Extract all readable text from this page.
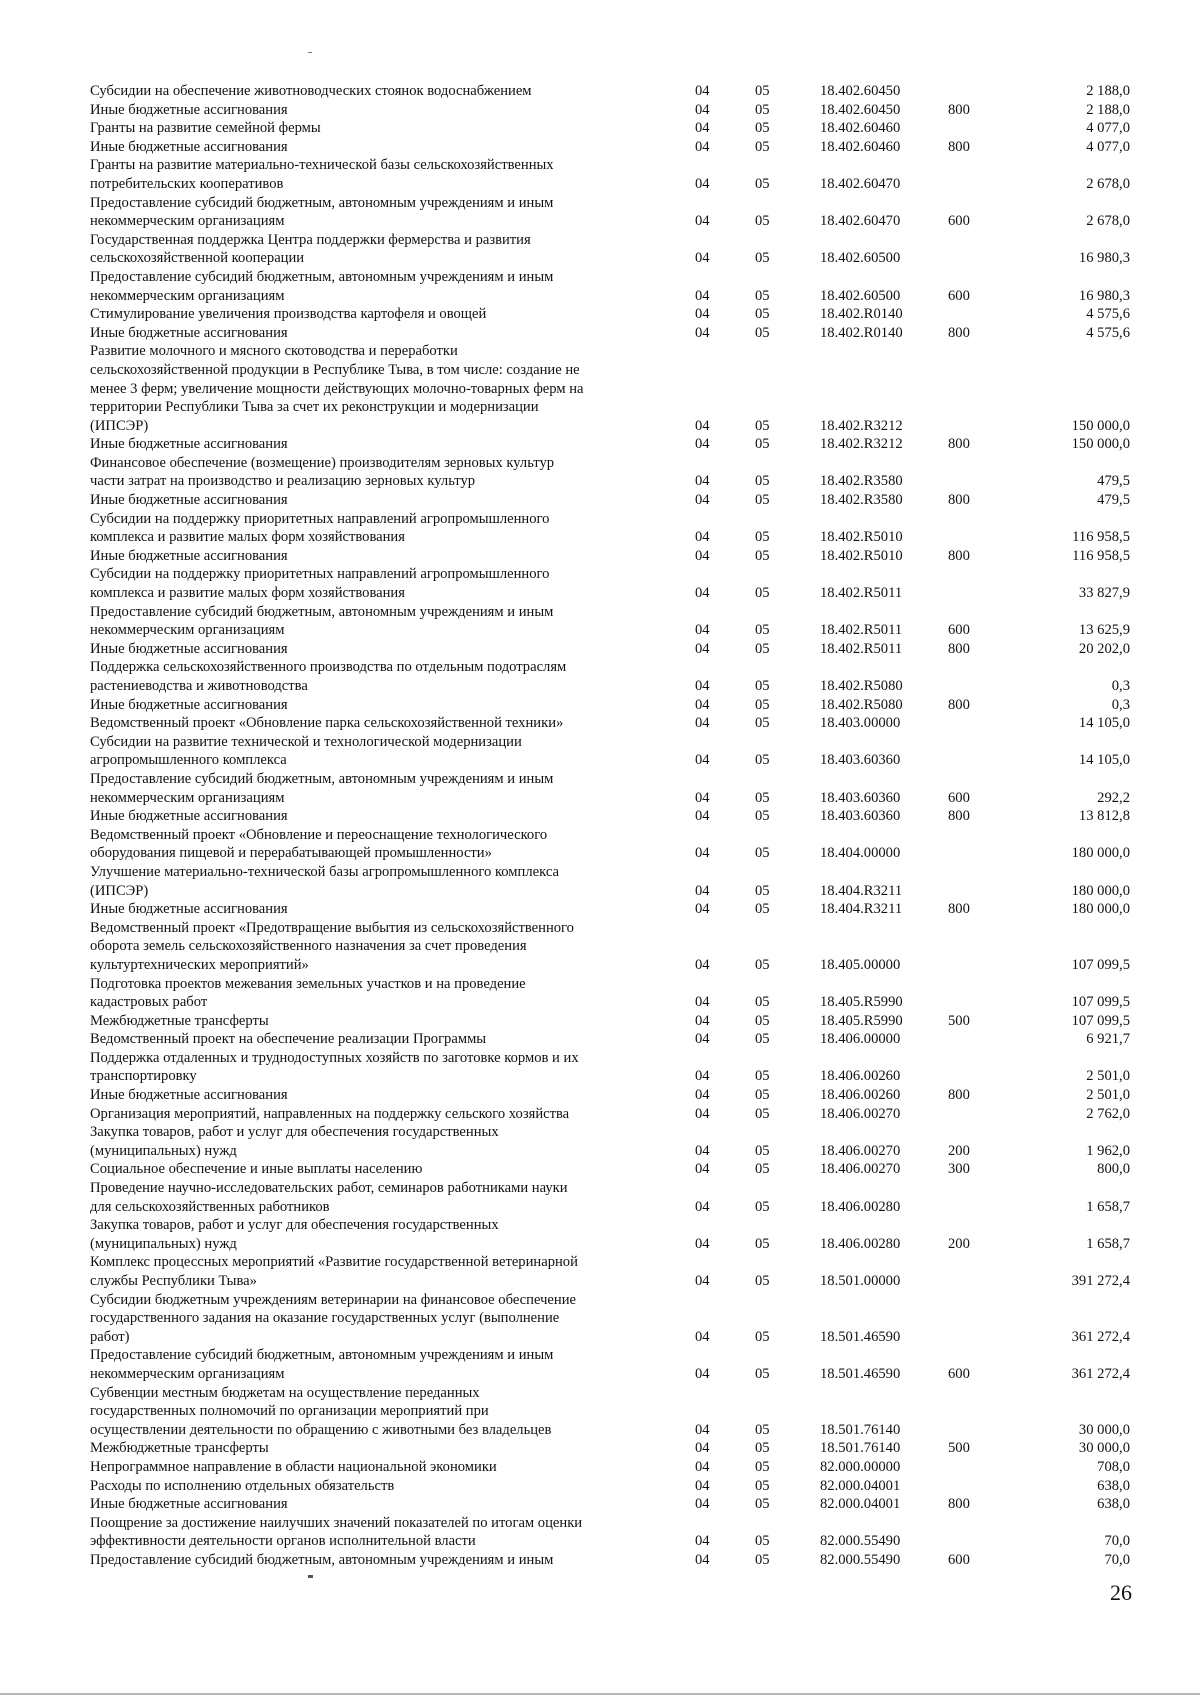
Субсидии на обеспечение животноводческих стоянок водоснабжением	04	05	18.402.60450	2 188,0
Иные бюджетные ассигнования	04	05	18.402.60450	800	2 188,0
Гранты на развитие семейной фермы	04	05	18.402.60460	4 077,0
Иные бюджетные ассигнования	04	05	18.402.60460	800	4 077,0
Гранты на развитие материально-технической базы сельскохозяйственных
потребительских кооперативов	04	05	18.402.60470	2 678,0
Предоставление субсидий бюджетным, автономным учреждениям и иным
некоммерческим организациям	04	05	18.402.60470	600	2 678,0
Государственная поддержка Центра поддержки фермерства и развития
сельскохозяйственной кооперации	04	05	18.402.60500	16 980,3
Предоставление субсидий бюджетным, автономным учреждениям и иным
некоммерческим организациям	04	05	18.402.60500	600	16 980,3
Стимулирование увеличения производства картофеля и овощей	04	05	18.402.R0140	4 575,6
Иные бюджетные ассигнования	04	05	18.402.R0140	800	4 575,6
Развитие молочного и мясного скотоводства и переработки
сельскохозяйственной продукции в Республике Тыва, в том числе: создание не
менее 3 ферм; увеличение мощности действующих молочно-товарных ферм на
территории Республики Тыва за счет их реконструкции и модернизации
(ИПСЭР)	04	05	18.402.R3212	150 000,0
Иные бюджетные ассигнования	04	05	18.402.R3212	800	150 000,0
Финансовое обеспечение (возмещение) производителям зерновых культур
части затрат на производство и реализацию зерновых культур	04	05	18.402.R3580	479,5
Иные бюджетные ассигнования	04	05	18.402.R3580	800	479,5
Субсидии на поддержку приоритетных направлений агропромышленного
комплекса и развитие малых форм хозяйствования	04	05	18.402.R5010	116 958,5
Иные бюджетные ассигнования	04	05	18.402.R5010	800	116 958,5
Субсидии на поддержку приоритетных направлений агропромышленного
комплекса и развитие малых форм хозяйствования	04	05	18.402.R5011	33 827,9
Предоставление субсидий бюджетным, автономным учреждениям и иным
некоммерческим организациям	04	05	18.402.R5011	600	13 625,9
Иные бюджетные ассигнования	04	05	18.402.R5011	800	20 202,0
Поддержка сельскохозяйственного производства по отдельным подотраслям
растениеводства и животноводства	04	05	18.402.R5080	0,3
Иные бюджетные ассигнования	04	05	18.402.R5080	800	0,3
Ведомственный проект «Обновление парка сельскохозяйственной техники»	04	05	18.403.00000	14 105,0
Субсидии на развитие технической и технологической модернизации
агропромышленного комплекса	04	05	18.403.60360	14 105,0
Предоставление субсидий бюджетным, автономным учреждениям и иным
некоммерческим организациям	04	05	18.403.60360	600	292,2
Иные бюджетные ассигнования	04	05	18.403.60360	800	13 812,8
Ведомственный проект «Обновление и переоснащение технологического
оборудования пищевой и перерабатывающей промышленности»	04	05	18.404.00000	180 000,0
Улучшение материально-технической базы агропромышленного комплекса
(ИПСЭР)	04	05	18.404.R3211	180 000,0
Иные бюджетные ассигнования	04	05	18.404.R3211	800	180 000,0
Ведомственный проект «Предотвращение выбытия из сельскохозяйственного
оборота земель сельскохозяйственного назначения за счет проведения
культуртехнических мероприятий»	04	05	18.405.00000	107 099,5
Подготовка проектов межевания земельных участков и на проведение
кадастровых работ	04	05	18.405.R5990	107 099,5
Межбюджетные трансферты	04	05	18.405.R5990	500	107 099,5
Ведомственный проект на обеспечение реализации Программы	04	05	18.406.00000	6 921,7
Поддержка отдаленных и труднодоступных хозяйств по заготовке кормов и их
транспортировку	04	05	18.406.00260	2 501,0
Иные бюджетные ассигнования	04	05	18.406.00260	800	2 501,0
Организация мероприятий, направленных на поддержку сельского хозяйства	04	05	18.406.00270	2 762,0
Закупка товаров, работ и услуг для обеспечения государственных
(муниципальных) нужд	04	05	18.406.00270	200	1 962,0
Социальное обеспечение и иные выплаты населению	04	05	18.406.00270	300	800,0
Проведение научно-исследовательских работ, семинаров работниками науки
для сельскохозяйственных работников	04	05	18.406.00280	1 658,7
Закупка товаров, работ и услуг для обеспечения государственных
(муниципальных) нужд	04	05	18.406.00280	200	1 658,7
Комплекс процессных мероприятий «Развитие государственной ветеринарной
службы Республики Тыва»	04	05	18.501.00000	391 272,4
Субсидии бюджетным учреждениям ветеринарии на финансовое обеспечение
государственного задания на оказание государственных услуг (выполнение
работ)	04	05	18.501.46590	361 272,4
Предоставление субсидий бюджетным, автономным учреждениям и иным
некоммерческим организациям	04	05	18.501.46590	600	361 272,4
Субвенции местным бюджетам на осуществление переданных
государственных полномочий по организации мероприятий при
осуществлении деятельности по обращению с животными без владельцев	04	05	18.501.76140	30 000,0
Межбюджетные трансферты	04	05	18.501.76140	500	30 000,0
Непрограммное направление в области национальной экономики	04	05	82.000.00000	708,0
Расходы по исполнению отдельных обязательств	04	05	82.000.04001	638,0
Иные бюджетные ассигнования	04	05	82.000.04001	800	638,0
Поощрение за достижение наилучших значений показателей по итогам оценки
эффективности деятельности органов исполнительной власти	04	05	82.000.55490	70,0
Предоставление субсидий бюджетным, автономным учреждениям и иным	04	05	82.000.55490	600	70,0
26
